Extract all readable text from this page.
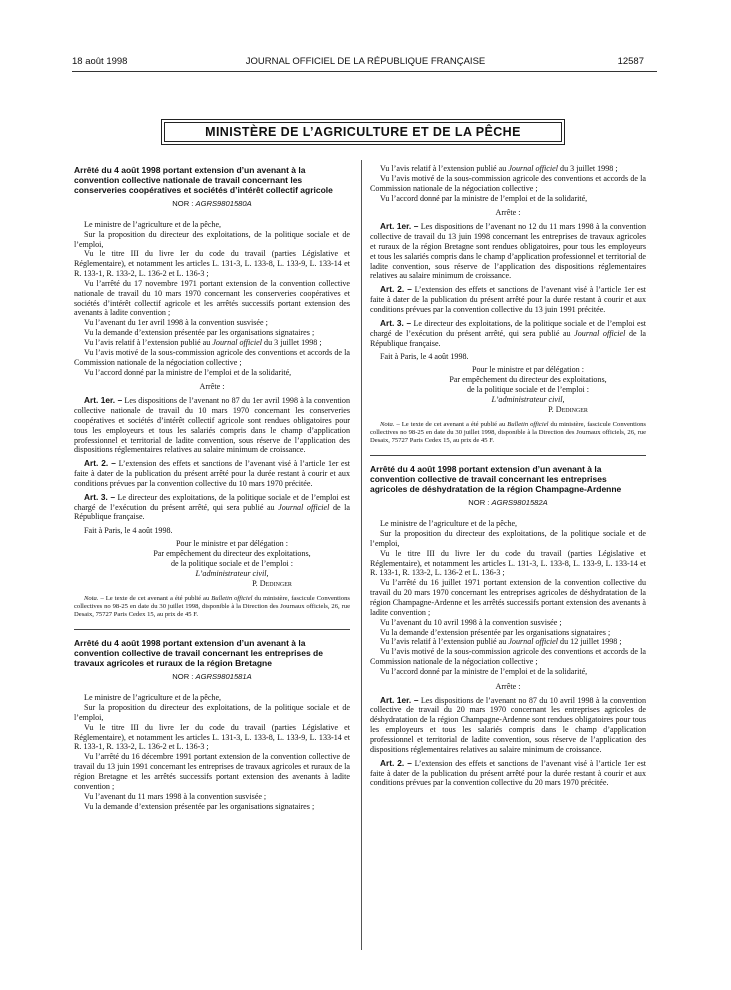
18 août 1998	JOURNAL OFFICIEL DE LA RÉPUBLIQUE FRANÇAISE	12587
MINISTÈRE DE L’AGRICULTURE ET DE LA PÊCHE
Arrêté du 4 août 1998 portant extension d’un avenant à la convention collective nationale de travail concernant les conserveries coopératives et sociétés d’intérêt collectif agricole
NOR : AGRS9801580A

Le ministre de l’agriculture et de la pêche,

Sur la proposition du directeur des exploitations, de la politique sociale et de l’emploi,

Vu le titre III du livre Ier du code du travail (parties Législative et Réglementaire), et notamment les articles L. 131-3, L. 133-8, L. 133-9, L. 133-14 et R. 133-1, R. 133-2, L. 136-2 et L. 136-3 ;

Vu l’arrêté du 17 novembre 1971 portant extension de la convention collective nationale de travail du 10 mars 1970 concernant les conserveries coopératives et sociétés d’intérêt collectif agricole et les arrêtés successifs portant extension des avenants à ladite convention ;

Vu l’avenant du 1er avril 1998 à la convention susvisée ;

Vu la demande d’extension présentée par les organisations signataires ;

Vu l’avis relatif à l’extension publié au Journal officiel du 3 juillet 1998 ;

Vu l’avis motivé de la sous-commission agricole des conventions et accords de la Commission nationale de la négociation collective ;

Vu l’accord donné par la ministre de l’emploi et de la solidarité,

Arrête :

Art. 1er. – Les dispositions de l’avenant no 87 du 1er avril 1998 à la convention collective nationale de travail du 10 mars 1970 concernant les conserveries coopératives et sociétés d’intérêt collectif agricole sont rendues obligatoires pour tous les employeurs et tous les salariés compris dans le champ d’application professionnel et territorial de ladite convention, sous réserve de l’application des dispositions réglementaires relatives au salaire minimum de croissance.

Art. 2. – L’extension des effets et sanctions de l’avenant visé à l’article 1er est faite à dater de la publication du présent arrêté pour la durée restant à courir et aux conditions prévues par la convention collective du 10 mars 1970 précitée.

Art. 3. – Le directeur des exploitations, de la politique sociale et de l’emploi est chargé de l’exécution du présent arrêté, qui sera publié au Journal officiel de la République française.

Fait à Paris, le 4 août 1998.

Pour le ministre et par délégation :
Par empêchement du directeur des exploitations,
de la politique sociale et de l’emploi :
L’administrateur civil,
P. Dedinger

Nota. – Le texte de cet avenant a été publié au Bulletin officiel du ministère, fascicule Conventions collectives no 98-25 en date du 30 juillet 1998, disponible à la Direction des Journaux officiels, 26, rue Desaix, 75727 Paris Cedex 15, au prix de 45 F.

Arrêté du 4 août 1998 portant extension d’un avenant à la convention collective de travail concernant les entreprises de travaux agricoles et ruraux de la région Bretagne
NOR : AGRS9801581A

Le ministre de l’agriculture et de la pêche,

Sur la proposition du directeur des exploitations, de la politique sociale et de l’emploi,

Vu le titre III du livre Ier du code du travail (parties Législative et Réglementaire), et notamment les articles L. 131-3, L. 133-8, L. 133-9, L. 133-14 et R. 133-1, R. 133-2, L. 136-2 et L. 136-3 ;

Vu l’arrêté du 16 décembre 1991 portant extension de la convention collective de travail du 13 juin 1991 concernant les entreprises de travaux agricoles et ruraux de la région Bretagne et les arrêtés successifs portant extension des avenants à ladite convention ;

Vu l’avenant du 11 mars 1998 à la convention susvisée ;

Vu la demande d’extension présentée par les organisations signataires ;

Vu l’avis relatif à l’extension publié au Journal officiel du 3 juillet 1998 ;

Vu l’avis motivé de la sous-commission agricole des conventions et accords de la Commission nationale de la négociation collective ;

Vu l’accord donné par la ministre de l’emploi et de la solidarité,

Arrête :

Art. 1er. – Les dispositions de l’avenant no 12 du 11 mars 1998 à la convention collective de travail du 13 juin 1998 concernant les entreprises de travaux agricoles et ruraux de la région Bretagne sont rendues obligatoires, pour tous les employeurs et tous les salariés compris dans le champ d’application professionnel et territorial de ladite convention, sous réserve de l’application des dispositions réglementaires relatives au salaire minimum de croissance.

Art. 2. – L’extension des effets et sanctions de l’avenant visé à l’article 1er est faite à dater de la publication du présent arrêté pour la durée restant à courir et aux conditions prévues par la convention collective du 13 juin 1991 précitée.

Art. 3. – Le directeur des exploitations, de la politique sociale et de l’emploi est chargé de l’exécution du présent arrêté, qui sera publié au Journal officiel de la République française.

Fait à Paris, le 4 août 1998.

Pour le ministre et par délégation :
Par empêchement du directeur des exploitations,
de la politique sociale et de l’emploi :
L’administrateur civil,
P. Dedinger

Nota. – Le texte de cet avenant a été publié au Bulletin officiel du ministère, fascicule Conventions collectives no 98-25 en date du 30 juillet 1998, disponible à la Direction des Journaux officiels, 26, rue Desaix, 75727 Paris Cedex 15, au prix de 45 F.

Arrêté du 4 août 1998 portant extension d’un avenant à la convention collective de travail concernant les entreprises agricoles de déshydratation de la région Champagne-Ardenne
NOR : AGRS9801582A

Le ministre de l’agriculture et de la pêche,

Sur la proposition du directeur des exploitations, de la politique sociale et de l’emploi,

Vu le titre III du livre Ier du code du travail (parties Législative et Réglementaire), et notamment les articles L. 131-3, L. 133-8, L. 133-9, L. 133-14 et R. 133-1, R. 133-2, L. 136-2 et L. 136-3 ;

Vu l’arrêté du 16 juillet 1971 portant extension de la convention collective du travail du 20 mars 1970 concernant les entreprises agricoles de déshydratation de la région Champagne-Ardenne et les arrêtés successifs portant extension des avenants à ladite convention ;

Vu l’avenant du 10 avril 1998 à la convention susvisée ;

Vu la demande d’extension présentée par les organisations signataires ;

Vu l’avis relatif à l’extension publié au Journal officiel du 12 juillet 1998 ;

Vu l’avis motivé de la sous-commission agricole des conventions et accords de la Commission nationale de la négociation collective ;

Vu l’accord donné par la ministre de l’emploi et de la solidarité,

Arrête :

Art. 1er. – Les dispositions de l’avenant no 87 du 10 avril 1998 à la convention collective de travail du 20 mars 1970 concernant les entreprises agricoles de déshydratation de la région Champagne-Ardenne sont rendues obligatoires pour tous les employeurs et tous les salariés compris dans le champ d’application professionnel et territorial de ladite convention, sous réserve de l’application des dispositions réglementaires relatives au salaire minimum de croissance.

Art. 2. – L’extension des effets et sanctions de l’avenant visé à l’article 1er est faite à dater de la publication du présent arrêté pour la durée restant à courir et aux conditions prévues par la convention collective du 20 mars 1970 précitée.
